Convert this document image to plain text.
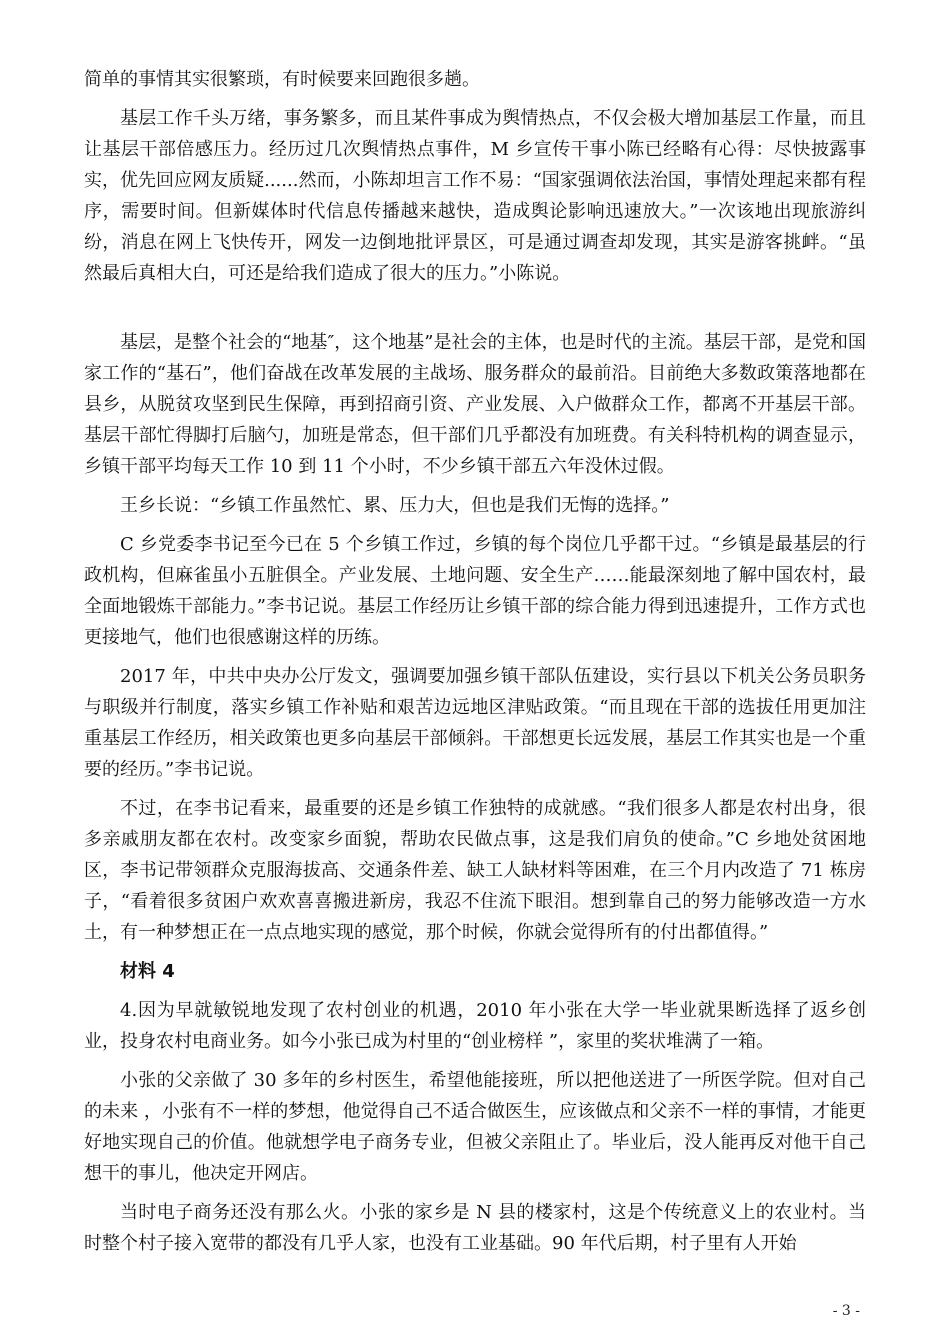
简单的事情其实很繁琐，有时候要来回跑很多趟。

基层工作千头万绪，事务繁多，而且某件事成为舆情热点，不仅会极大增加基层工作量，而且让基层干部倍感压力。经历过几次舆情热点事件，M 乡宣传干事小陈已经略有心得：尽快披露事实，优先回应网友质疑......然而，小陈却坦言工作不易：“国家强调依法治国，事情处理起来都有程序，需要时间。但新媒体时代信息传播越来越快，造成舆论影响迅速放大。”一次该地出现旅游纠纷，消息在网上飞快传开，网发一边倒地批评景区，可是通过调查却发现，其实是游客挑衅。“虽然最后真相大白，可还是给我们造成了很大的压力。”小陈说。

基层，是整个社会的“地基″，这个地基”是社会的主体，也是时代的主流。基层干部，是党和国家工作的“基石”，他们奋战在改革发展的主战场、服务群众的最前沿。目前绝大多数政策落地都在县乡，从脱贫攻坚到民生保障，再到招商引资、产业发展、入户做群众工作，都离不开基层干部。基层干部忙得脚打后脑勺，加班是常态，但干部们几乎都没有加班费。有关科特机构的调查显示，乡镇干部平均每天工作 10 到 11 个小时，不少乡镇干部五六年没休过假。

王乡长说：“乡镇工作虽然忙、累、压力大，但也是我们无悔的选择。”

C 乡党委李书记至今已在 5 个乡镇工作过，乡镇的每个岗位几乎都干过。“乡镇是最基层的行政机构，但麻雀虽小五脏俱全。产业发展、土地问题、安全生产……能最深刻地了解中国农村，最全面地锻炼干部能力。”李书记说。基层工作经历让乡镇干部的综合能力得到迅速提升，工作方式也更接地气，他们也很感谢这样的历练。

2017 年，中共中央办公厅发文，强调要加强乡镇干部队伍建设，实行县以下机关公务员职务与职级并行制度，落实乡镇工作补贴和艰苦边远地区津贴政策。“而且现在干部的选拔任用更加注重基层工作经历，相关政策也更多向基层干部倾斜。干部想更长远发展，基层工作其实也是一个重要的经历。”李书记说。

不过，在李书记看来，最重要的还是乡镇工作独特的成就感。“我们很多人都是农村出身，很多亲戚朋友都在农村。改变家乡面貌，帮助农民做点事，这是我们肩负的使命。”C 乡地处贫困地区，李书记带领群众克服海拔高、交通条件差、缺工人缺材料等困难，在三个月内改造了 71 栋房子，“看着很多贫困户欢欢喜喜搬进新房，我忍不住流下眼泪。想到靠自己的努力能够改造一方水土，有一种梦想正在一点点地实现的感觉，那个时候，你就会觉得所有的付出都值得。”

材料 4

4.因为早就敏锐地发现了农村创业的机遇，2010 年小张在大学一毕业就果断选择了返乡创业，投身农村电商业务。如今小张已成为村里的“创业榜样 ”，家里的奖状堆满了一箱。

小张的父亲做了 30 多年的乡村医生，希望他能接班，所以把他送进了一所医学院。但对自己的未来 ，小张有不一样的梦想，他觉得自己不适合做医生，应该做点和父亲不一样的事情，才能更好地实现自己的价值。他就想学电子商务专业，但被父亲阻止了。毕业后，没人能再反对他干自己想干的事儿，他决定开网店。

当时电子商务还没有那么火。小张的家乡是 N 县的楼家村，这是个传统意义上的农业村。当时整个村子接入宽带的都没有几乎人家，也没有工业基础。90 年代后期，村子里有人开始

- 3 -
